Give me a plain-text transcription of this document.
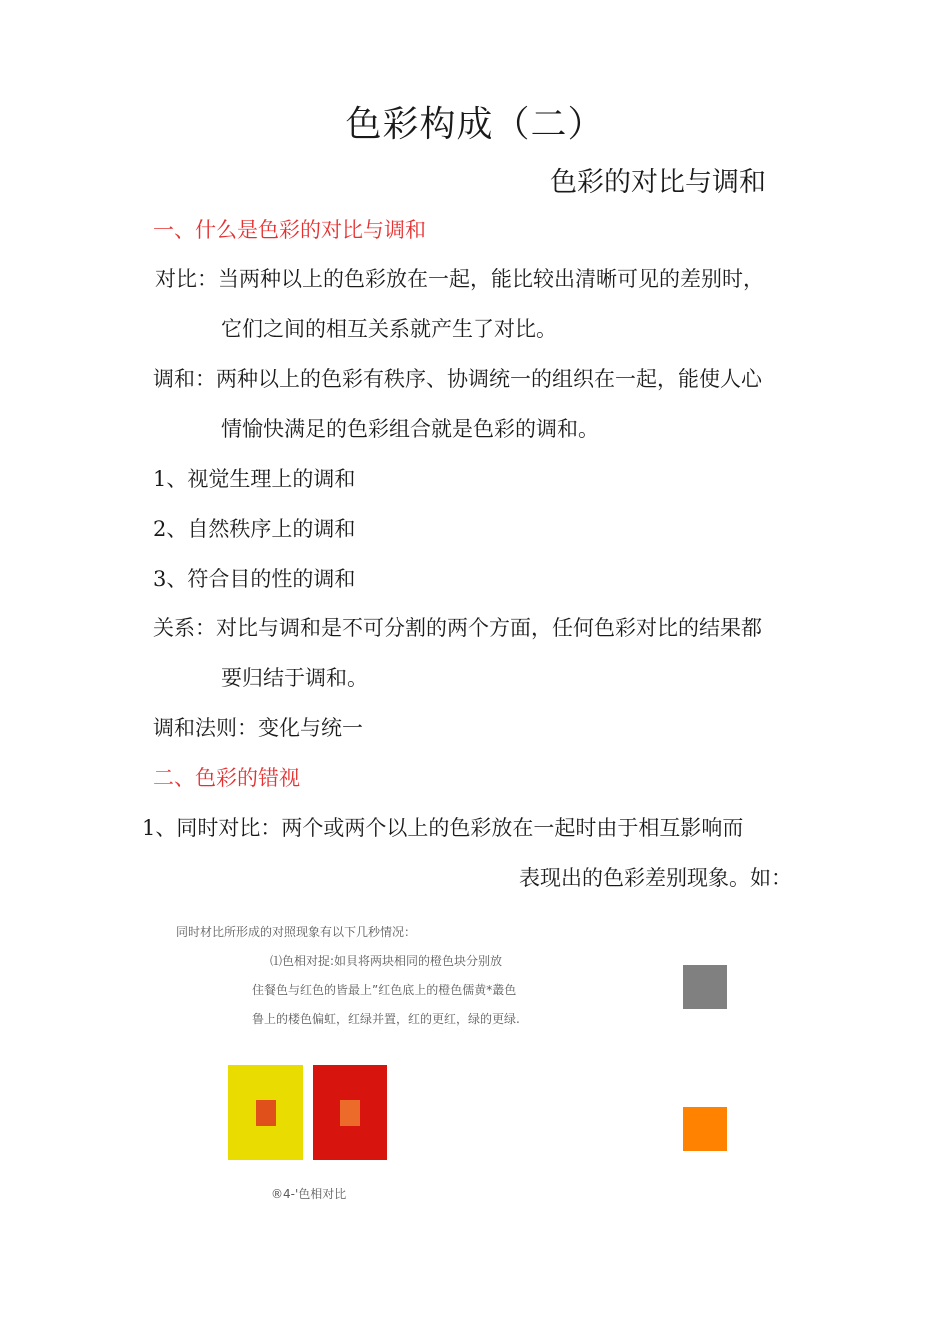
色彩构成（二）
色彩的对比与调和
一、什么是色彩的对比与调和
对比：当两种以上的色彩放在一起，能比较出清晰可见的差别时，
它们之间的相互关系就产生了对比。
调和：两种以上的色彩有秩序、协调统一的组织在一起，能使人心
情愉快满足的色彩组合就是色彩的调和。
1、视觉生理上的调和
2、自然秩序上的调和
3、符合目的性的调和
关系：对比与调和是不可分割的两个方面，任何色彩对比的结果都
要归结于调和。
调和法则：变化与统一
二、色彩的错视
1、同时对比：两个或两个以上的色彩放在一起时由于相互影响而
表现出的色彩差别现象。如：
同时材比所形成的对照现象有以下几秒情况：
⑴色相对捉:如貝将两块相同的橙色块分别放
住餐色与红色的皆最上”红色底上的橙色儒黄*叢色
鲁上的楼色偏虹，红绿并置，红的更红，绿的更绿.
®4-'色相对比
